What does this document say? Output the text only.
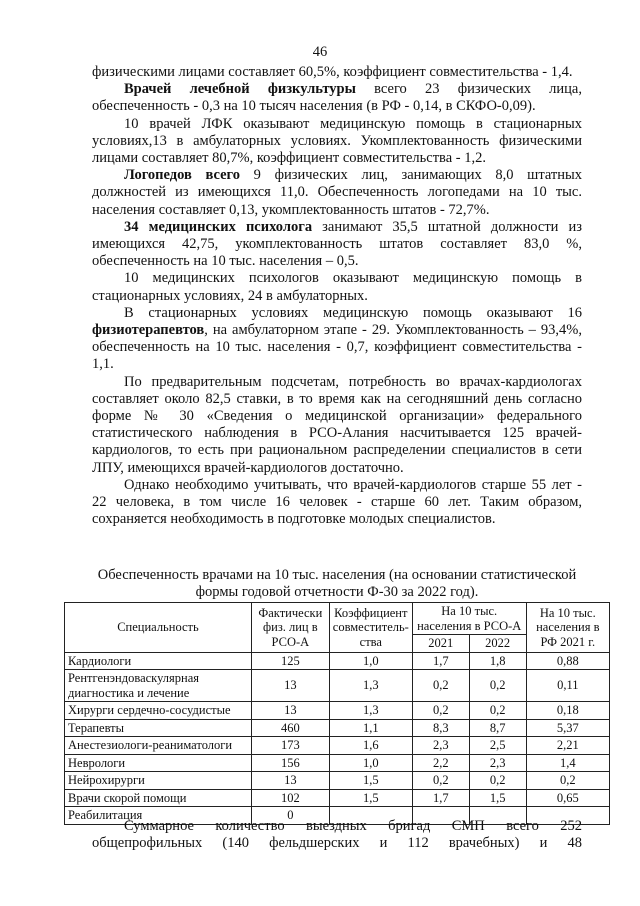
46

физическими лицами составляет 60,5%, коэффициент совместительства - 1,4.

Врачей лечебной физкультуры всего 23 физических лица, обеспеченность - 0,3 на 10 тысяч населения (в РФ - 0,14, в СКФО-0,09).

10 врачей ЛФК оказывают медицинскую помощь в стационарных условиях,13 в амбулаторных условиях. Укомплектованность физическими лицами составляет 80,7%, коэффициент совместительства - 1,2.

Логопедов всего 9 физических лиц, занимающих 8,0 штатных должностей из имеющихся 11,0. Обеспеченность логопедами на 10 тыс. населения составляет 0,13, укомплектованность штатов - 72,7%.

34 медицинских психолога занимают 35,5 штатной должности из имеющихся 42,75, укомплектованность штатов составляет 83,0 %, обеспеченность на 10 тыс. населения – 0,5.

10 медицинских психологов оказывают медицинскую помощь в стационарных условиях, 24 в амбулаторных.

В стационарных условиях медицинскую помощь оказывают 16 физиотерапевтов, на амбулаторном этапе - 29. Укомплектованность – 93,4%, обеспеченность на 10 тыс. населения - 0,7, коэффициент совместительства - 1,1.

По предварительным подсчетам, потребность во врачах-кардиологах составляет около 82,5 ставки, в то время как на сегодняшний день согласно форме № 30 «Сведения о медицинской организации» федерального статистического наблюдения в РСО-Алания насчитывается 125 врачей-кардиологов, то есть при рациональном распределении специалистов в сети ЛПУ, имеющихся врачей-кардиологов достаточно.

Однако необходимо учитывать, что врачей-кардиологов старше 55 лет - 22 человека, в том числе 16 человек - старше 60 лет. Таким образом, сохраняется необходимость в подготовке молодых специалистов.

Обеспеченность врачами на 10 тыс. населения (на основании статистической формы годовой отчетности Ф-30 за 2022 год).
Специальность	Фактически физ. лиц в РСО-А	Коэффициент совместитель-ства	На 10 тыс. населения в РСО-А		На 10 тыс. населения в РФ 2021 г.
			2021	2022	
Кардиологи	125	1,0	1,7	1,8	0,88
Рентгенэндоваскулярная диагностика и лечение	13	1,3	0,2	0,2	0,11
Хирурги сердечно-сосудистые	13	1,3	0,2	0,2	0,18
Терапевты	460	1,1	8,3	8,7	5,37
Анестезиологи-реаниматологи	173	1,6	2,3	2,5	2,21
Неврологи	156	1,0	2,2	2,3	1,4
Нейрохирурги	13	1,5	0,2	0,2	0,2
Врачи скорой помощи	102	1,5	1,7	1,5	0,65
Реабилитация	0				

Суммарное количество выездных бригад СМП всего 252

общепрофильных (140 фельдшерских и 112 врачебных) и 48
